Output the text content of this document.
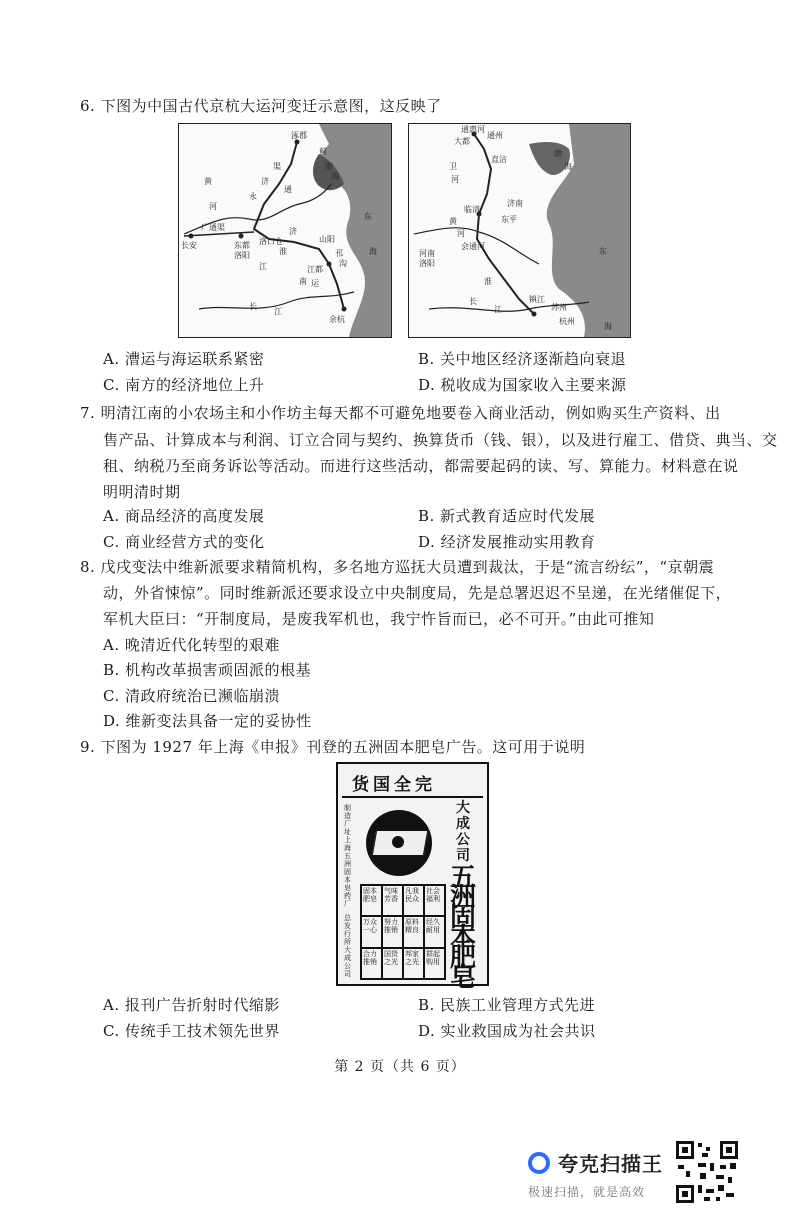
6. 下图为中国古代京杭大运河变迁示意图，这反映了
涿郡
蓟
黄
河
永
济
渠
通
长安
广通渠
东都
洛阳
洛口仓
济
淮
山阳
江都
江
南 运
邗
沟
渤
海
东
海
长
江
余杭
通惠河
大都
通州
卫
河
直沽
渤
海
黄
河
临清
济南
会通河
东平
河南
洛阳
淮
东
海
长
江
杭州
镇江
苏州
A. 漕运与海运联系紧密	B. 关中地区经济逐渐趋向衰退
C. 南方的经济地位上升	D. 税收成为国家收入主要来源
7. 明清江南的小农场主和小作坊主每天都不可避免地要卷入商业活动，例如购买生产资料、出
售产品、计算成本与利润、订立合同与契约、换算货币（钱、银），以及进行雇工、借贷、典当、交
租、纳税乃至商务诉讼等活动。而进行这些活动，都需要起码的读、写、算能力。材料意在说
明明清时期
A. 商品经济的高度发展	B. 新式教育适应时代发展
C. 商业经营方式的变化	D. 经济发展推动实用教育
8. 戊戌变法中维新派要求精简机构，多名地方巡抚大员遭到裁汰，于是“流言纷纭”，“京朝震
动，外省悚惊”。同时维新派还要求设立中央制度局，先是总署迟迟不呈递，在光绪催促下，
军机大臣曰：“开制度局，是废我军机也，我宁忤旨而已，必不可开。”由此可推知
A. 晚清近代化转型的艰难
B. 机构改革损害顽固派的根基
C. 清政府统治已濒临崩溃
D. 维新变法具备一定的妥协性
9. 下图为 1927 年上海《申报》刊登的五洲固本肥皂广告。这可用于说明
货国全完
制造厂址上海五洲固本皂药厂
总发行所大成公司
大成公司
五洲固本肥皂
固本肥皂
气味芳香
凡我民众
社会福利
万众一心
努力推销
原料精良
经久耐用
合力推销
国货之光
邦家之光
群起购用
A. 报刊广告折射时代缩影	B. 民族工业管理方式先进
C. 传统手工技术领先世界	D. 实业救国成为社会共识
第 2 页（共 6 页）
夸克扫描王
极速扫描，就是高效
